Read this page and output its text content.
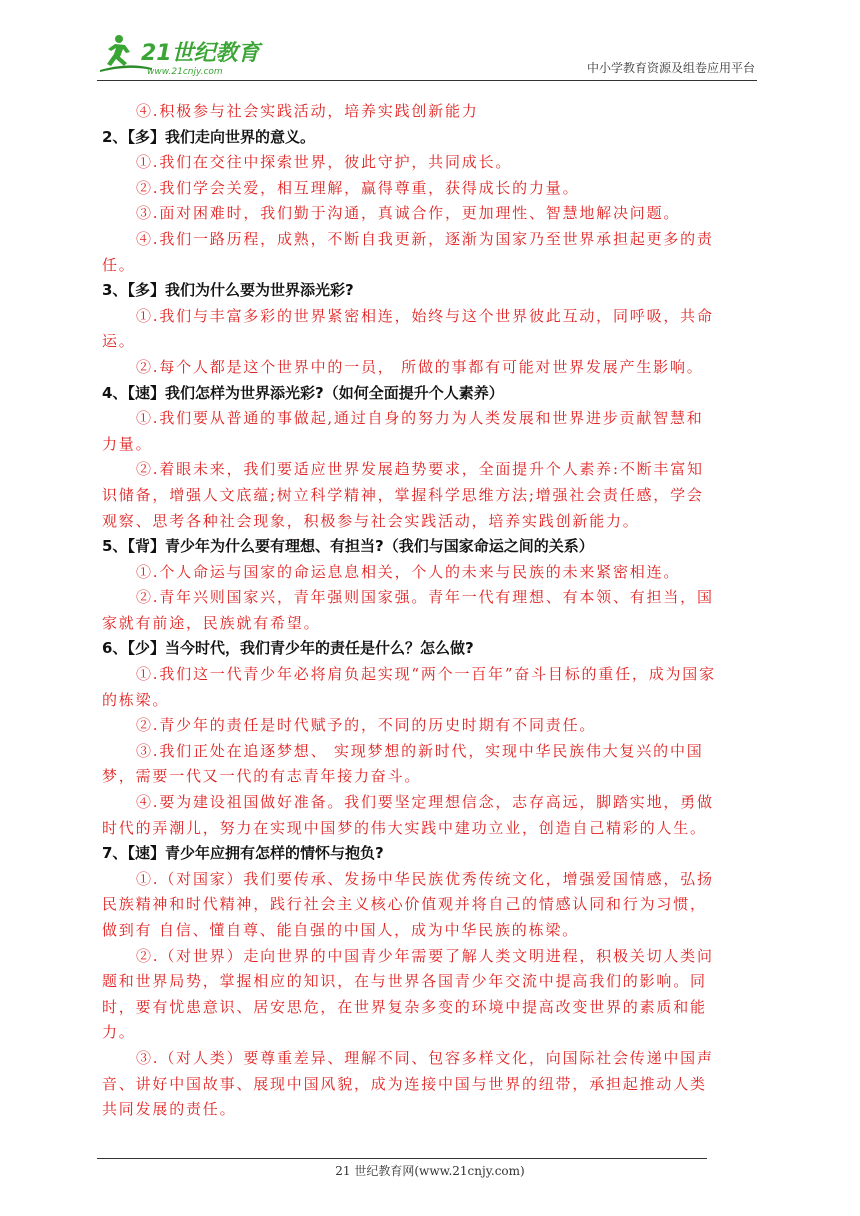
21世纪教育
www.21cnjy.com	中小学教育资源及组卷应用平台
④.积极参与社会实践活动，培养实践创新能力
2、【多】我们走向世界的意义。
①.我们在交往中探索世界，彼此守护，共同成长。
②.我们学会关爱，相互理解，赢得尊重，获得成长的力量。
③.面对困难时，我们勤于沟通，真诚合作，更加理性、智慧地解决问题。
④.我们一路历程，成熟，不断自我更新，逐渐为国家乃至世界承担起更多的责
任。
3、【多】我们为什么要为世界添光彩?
①.我们与丰富多彩的世界紧密相连，始终与这个世界彼此互动，同呼吸，共命
运。
②.每个人都是这个世界中的一员， 所做的事都有可能对世界发展产生影响。
4、【速】我们怎样为世界添光彩?（如何全面提升个人素养）
①.我们要从普通的事做起,通过自身的努力为人类发展和世界进步贡献智慧和
力量。
②.着眼未来，我们要适应世界发展趋势要求，全面提升个人素养:不断丰富知
识储备，增强人文底蕴;树立科学精神，掌握科学思维方法;增强社会责任感，学会
观察、思考各种社会现象，积极参与社会实践活动，培养实践创新能力。
5、【背】青少年为什么要有理想、有担当?（我们与国家命运之间的关系）
①.个人命运与国家的命运息息相关，个人的未来与民族的未来紧密相连。
②.青年兴则国家兴，青年强则国家强。青年一代有理想、有本领、有担当，国
家就有前途，民族就有希望。
6、【少】当今时代，我们青少年的责任是什么？怎么做?
①.我们这一代青少年必将肩负起实现“两个一百年”奋斗目标的重任，成为国家
的栋梁。
②.青少年的责任是时代赋予的，不同的历史时期有不同责任。
③.我们正处在追逐梦想、 实现梦想的新时代，实现中华民族伟大复兴的中国
梦，需要一代又一代的有志青年接力奋斗。
④.要为建设祖国做好准备。我们要坚定理想信念，志存高远，脚踏实地，勇做
时代的弄潮儿，努力在实现中国梦的伟大实践中建功立业，创造自己精彩的人生。
7、【速】青少年应拥有怎样的情怀与抱负?
①.（对国家）我们要传承、发扬中华民族优秀传统文化，增强爱国情感，弘扬
民族精神和时代精神，践行社会主义核心价值观并将自己的情感认同和行为习惯，
做到有 自信、懂自尊、能自强的中国人，成为中华民族的栋梁。
②.（对世界）走向世界的中国青少年需要了解人类文明进程，积极关切人类问
题和世界局势，掌握相应的知识，在与世界各国青少年交流中提高我们的影响。同
时，要有忧患意识、居安思危，在世界复杂多变的环境中提高改变世界的素质和能
力。
③.（对人类）要尊重差异、理解不同、包容多样文化，向国际社会传递中国声
音、讲好中国故事、展现中国风貌，成为连接中国与世界的纽带，承担起推动人类
共同发展的责任。
21 世纪教育网(www.21cnjy.com)
